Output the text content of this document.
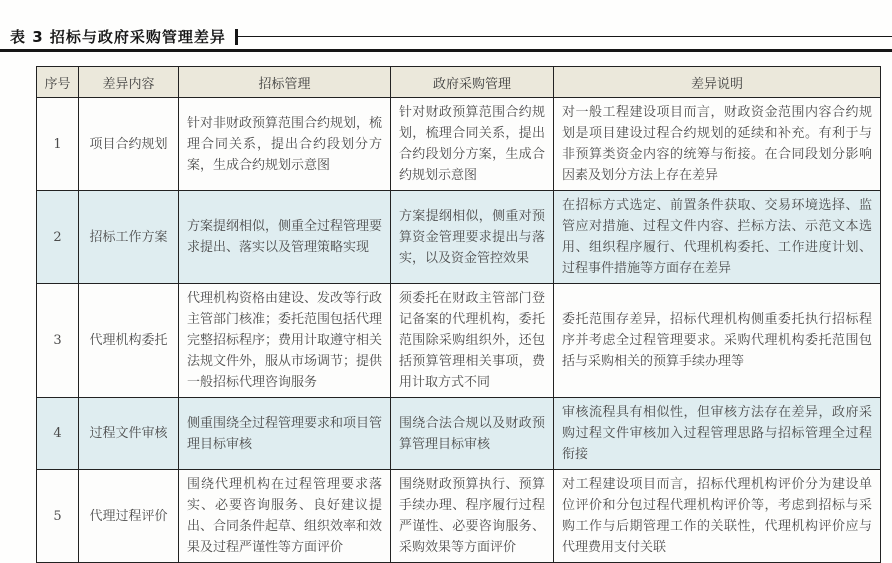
表 3 招标与政府采购管理差异
序号	差异内容	招标管理	政府采购管理	差异说明
1	项目合约规划	针对非财政预算范围合约规划，梳理合同关系，提出合约段划分方案，生成合约规划示意图	针对财政预算范围合约规划，梳理合同关系，提出合约段划分方案，生成合约规划示意图	对一般工程建设项目而言，财政资金范围内容合约规划是项目建设过程合约规划的延续和补充。有利于与非预算类资金内容的统筹与衔接。在合同段划分影响因素及划分方法上存在差异
2	招标工作方案	方案提纲相似，侧重全过程管理要求提出、落实以及管理策略实现	方案提纲相似，侧重对预算资金管理要求提出与落实，以及资金管控效果	在招标方式选定、前置条件获取、交易环境选择、监管应对措施、过程文件内容、拦标方法、示范文本选用、组织程序履行、代理机构委托、工作进度计划、过程事件措施等方面存在差异
3	代理机构委托	代理机构资格由建设、发改等行政主管部门核准；委托范围包括代理完整招标程序；费用计取遵守相关法规文件外，服从市场调节；提供一般招标代理咨询服务	须委托在财政主管部门登记备案的代理机构，委托范围除采购组织外，还包括预算管理相关事项，费用计取方式不同	委托范围存差异，招标代理机构侧重委托执行招标程序并考虑全过程管理要求。采购代理机构委托范围包括与采购相关的预算手续办理等
4	过程文件审核	侧重围绕全过程管理要求和项目管理目标审核	围绕合法合规以及财政预算管理目标审核	审核流程具有相似性，但审核方法存在差异，政府采购过程文件审核加入过程管理思路与招标管理全过程衔接
5	代理过程评价	围绕代理机构在过程管理要求落实、必要咨询服务、良好建议提出、合同条件起草、组织效率和效果及过程严谨性等方面评价	围绕财政预算执行、预算手续办理、程序履行过程严谨性、必要咨询服务、采购效果等方面评价	对工程建设项目而言，招标代理机构评价分为建设单位评价和分包过程代理机构评价等，考虑到招标与采购工作与后期管理工作的关联性，代理机构评价应与代理费用支付关联
